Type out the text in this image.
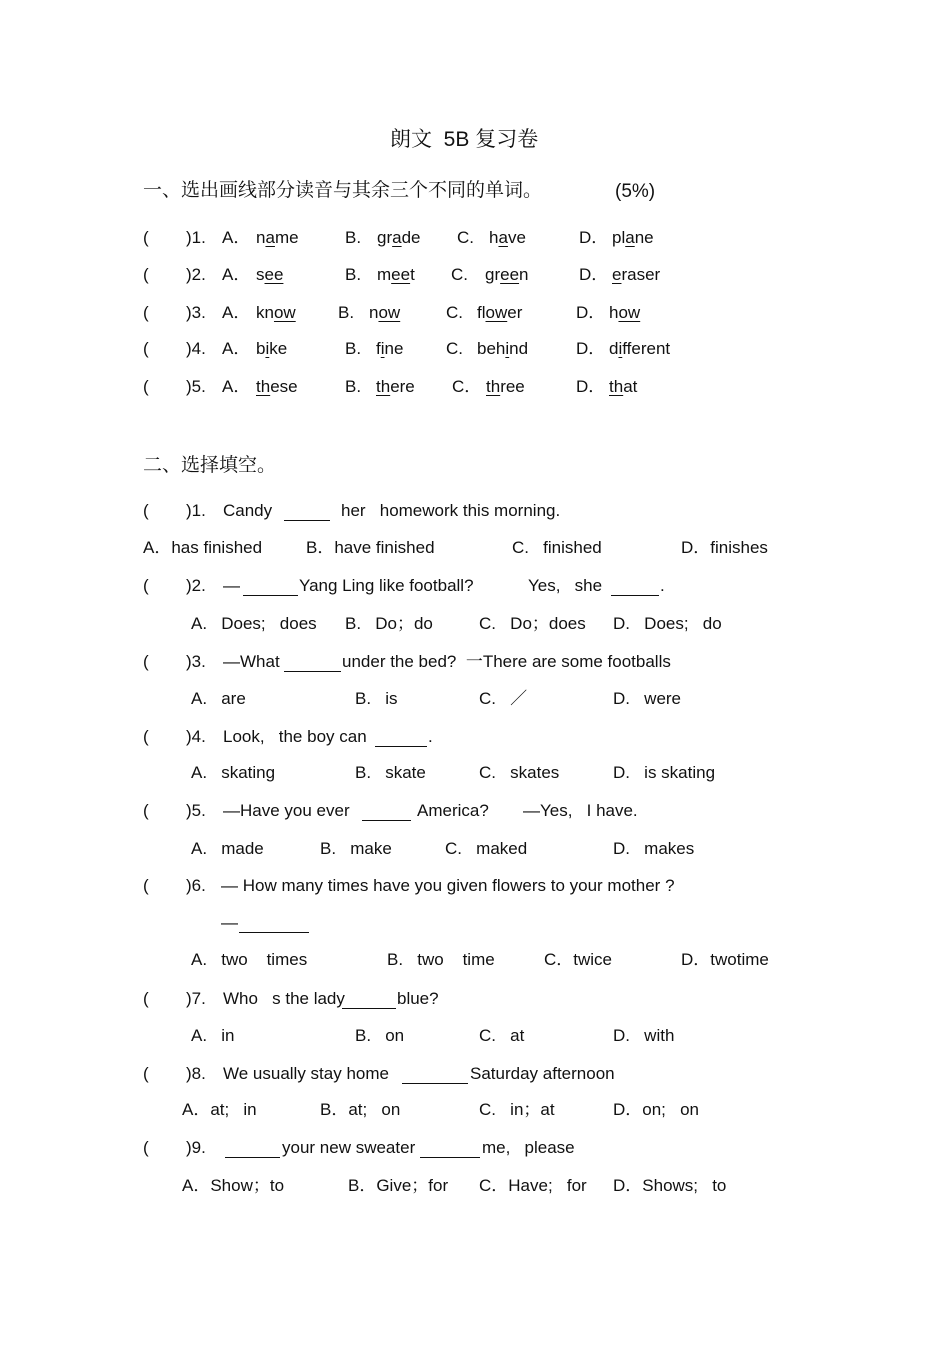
朗文  5B 复习卷
一、选出画线部分读音与其余三个不同的单词。	(5%)
( )1. A． name	B. grade C. have	D． plane
( )2. A． see	B. meet C. green	D． eraser
( )3. A． know B. now	C. flower	D． how
( )4. A． bike	B. fine	C. behind	D． different
( )5. A． these	B. there C． three	D． that
二、选择填空。
( )1. Candy	her   homework this morning.
A．has finished	B．have finished	C.   finished	D．finishes
( )2. —	Yang Ling like football?	Yes,   she	.
A.   Does;   does B.   Do；do	C.   Do；does D.   Does;   do
( )3. —What	under the bed?  一There are some footballs
A.   are	B.   is	C.   ／	D.   were
( )4. Look,   the boy can	.
A.   skating	B.   skate	C.   skates	D.   is skating
( )5. —Have you ever	America? —Yes,   I have.
A.   made	B.   make	C.   maked	D.   makes
( )6. — How many times have you given flowers to your mother ?
—
A.   two    times	B.   two    time	C．twice	D．twotime
( )7. Who   s the lady	blue?
A.   in	B.   on	C.   at	D.   with
( )8. We usually stay home	Saturday afternoon
A．at;   in	B．at;   on	C.   in；at	D．on;   on
( )9.	your new sweater	me,   please
A．Show；to	B．Give；for C．Have;   for D．Shows;   to
